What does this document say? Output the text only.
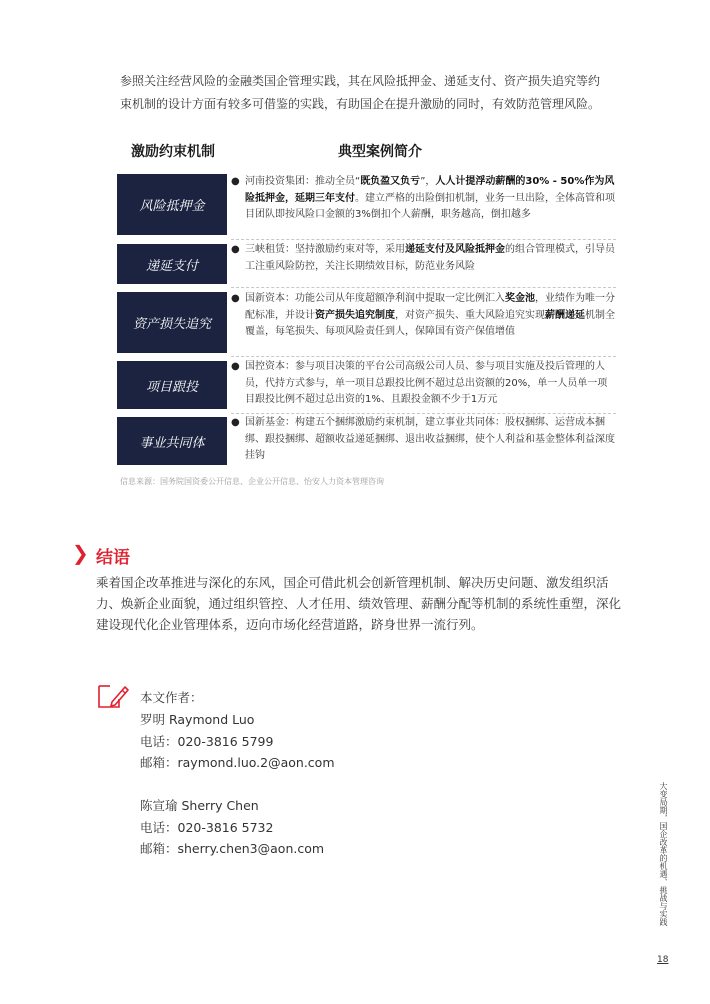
参照关注经营风险的金融类国企管理实践，其在风险抵押金、递延支付、资产损失追究等约束机制的设计方面有较多可借鉴的实践，有助国企在提升激励的同时，有效防范管理风险。
激励约束机制	典型案例简介
风险抵押金
● 河南投资集团：推动全员“既负盈又负亏”，人人计提浮动薪酬的30% - 50%作为风险抵押金，延期三年支付。建立严格的出险倒扣机制，业务一旦出险，全体高管和项目团队即按风险口金额的3%倒扣个人薪酬，职务越高，倒扣越多
递延支付
● 三峡租赁：坚持激励约束对等，采用递延支付及风险抵押金的组合管理模式，引导员工注重风险防控，关注长期绩效目标，防范业务风险
资产损失追究
● 国新资本：功能公司从年度超额净利润中提取一定比例汇入奖金池，业绩作为唯一分配标准，并设计资产损失追究制度，对资产损失、重大风险追究实现薪酬递延机制全覆盖，每笔损失、每项风险责任到人，保障国有资产保值增值
项目跟投
● 国控资本：参与项目决策的平台公司高级公司人员、参与项目实施及投后管理的人员，代持方式参与，单一项目总跟投比例不超过总出资额的20%，单一人员单一项目跟投比例不超过总出资的1%、且跟投金额不少于1万元
事业共同体
● 国新基金：构建五个捆绑激励约束机制，建立事业共同体：股权捆绑、运营成本捆绑、跟投捆绑、超额收益递延捆绑、退出收益捆绑，使个人利益和基金整体利益深度挂钩
信息来源：国务院国资委公开信息、企业公开信息、怡安人力资本管理咨询
❯ 结语
乘着国企改革推进与深化的东风，国企可借此机会创新管理机制、解决历史问题、激发组织活力、焕新企业面貌，通过组织管控、人才任用、绩效管理、薪酬分配等机制的系统性重塑，深化建设现代化企业管理体系，迈向市场化经营道路，跻身世界一流行列。
本文作者：
罗明 Raymond Luo
电话：020-3816 5799
邮箱：raymond.luo.2@aon.com
陈宣瑜 Sherry Chen
电话：020-3816 5732
邮箱：sherry.chen3@aon.com	大变局期，国企改革的机遇、挑战与实践
18
